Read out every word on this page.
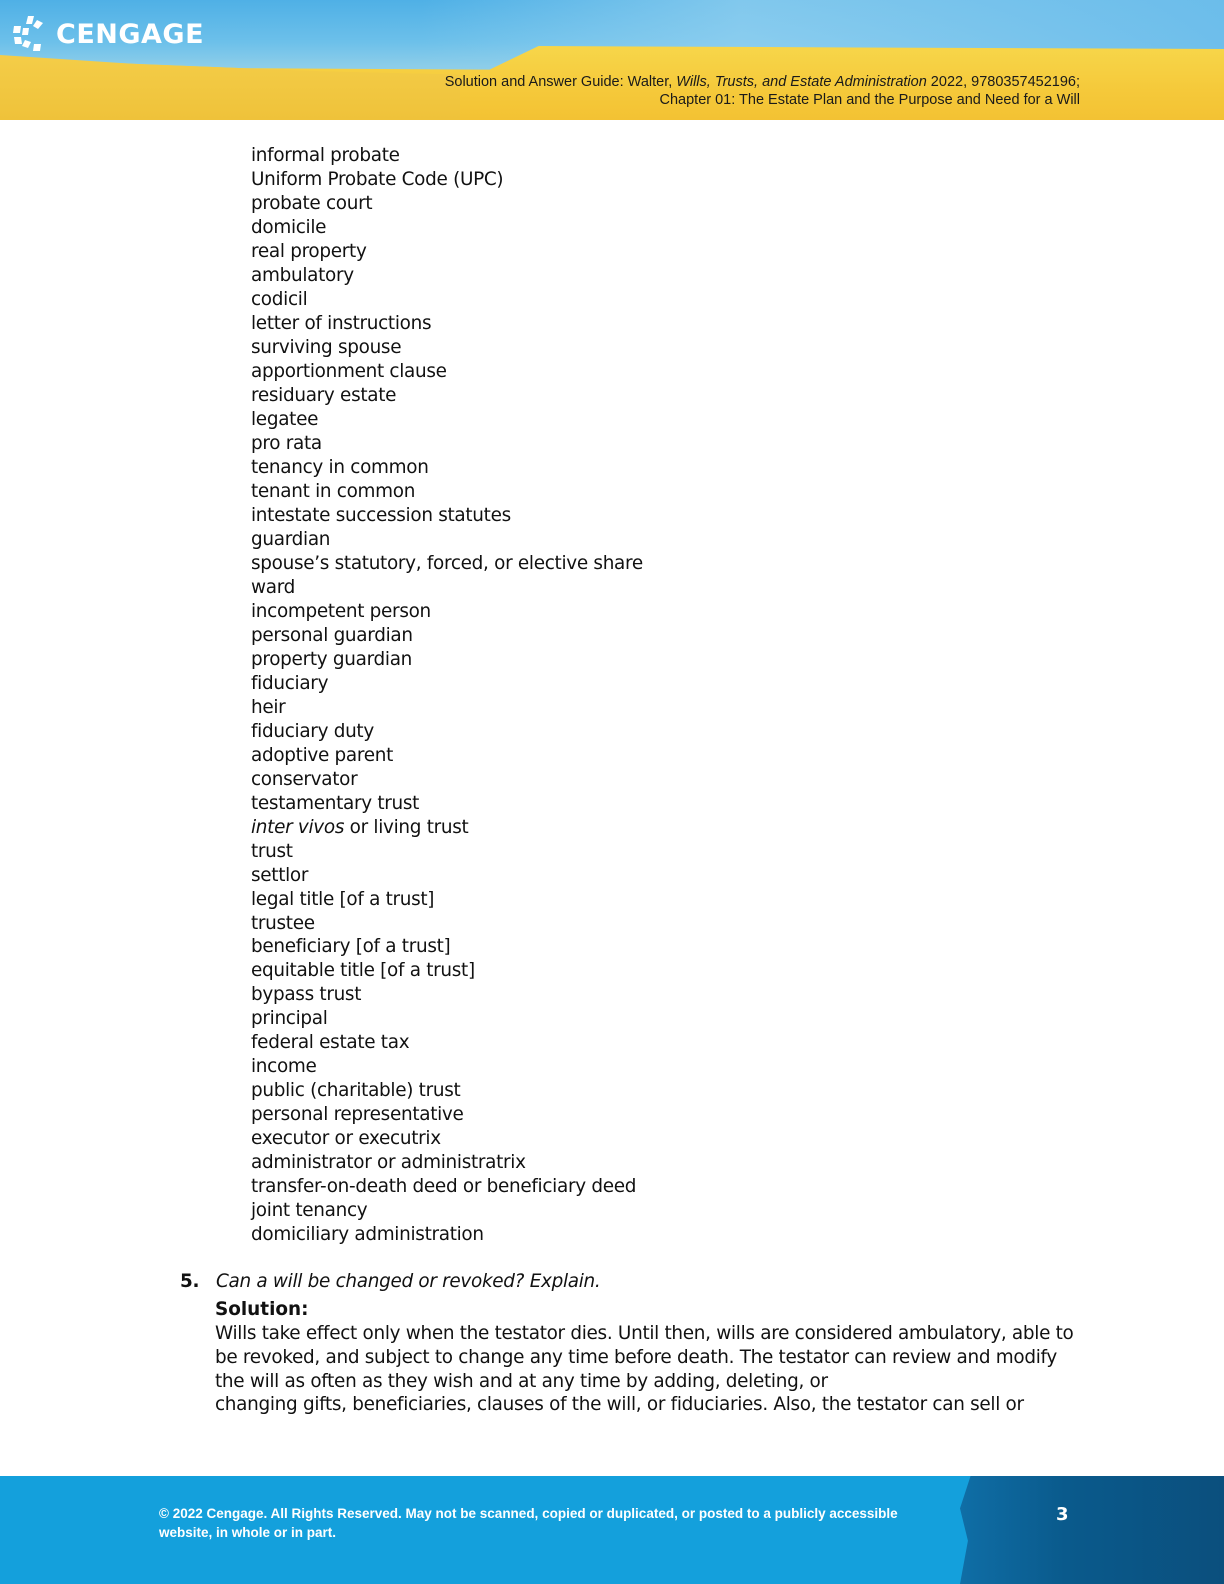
CENGAGE
Solution and Answer Guide: Walter, Wills, Trusts, and Estate Administration 2022, 9780357452196;
Chapter 01: The Estate Plan and the Purpose and Need for a Will
informal probate
Uniform Probate Code (UPC)
probate court
domicile
real property
ambulatory
codicil
letter of instructions
surviving spouse
apportionment clause
residuary estate
legatee
pro rata
tenancy in common
tenant in common
intestate succession statutes
guardian
spouse’s statutory, forced, or elective share
ward
incompetent person
personal guardian
property guardian
fiduciary
heir
fiduciary duty
adoptive parent
conservator
testamentary trust
inter vivos or living trust
trust
settlor
legal title [of a trust]
trustee
beneficiary [of a trust]
equitable title [of a trust]
bypass trust
principal
federal estate tax
income
public (charitable) trust
personal representative
executor or executrix
administrator or administratrix
transfer-on-death deed or beneficiary deed
joint tenancy
domiciliary administration
5. Can a will be changed or revoked? Explain.
Solution:
Wills take effect only when the testator dies. Until then, wills are considered ambulatory, able to
be revoked, and subject to change any time before death. The testator can review and modify
the will as often as they wish and at any time by adding, deleting, or
changing gifts, beneficiaries, clauses of the will, or fiduciaries. Also, the testator can sell or
© 2022 Cengage. All Rights Reserved. May not be scanned, copied or duplicated, or posted to a publicly accessible
website, in whole or in part.
3
